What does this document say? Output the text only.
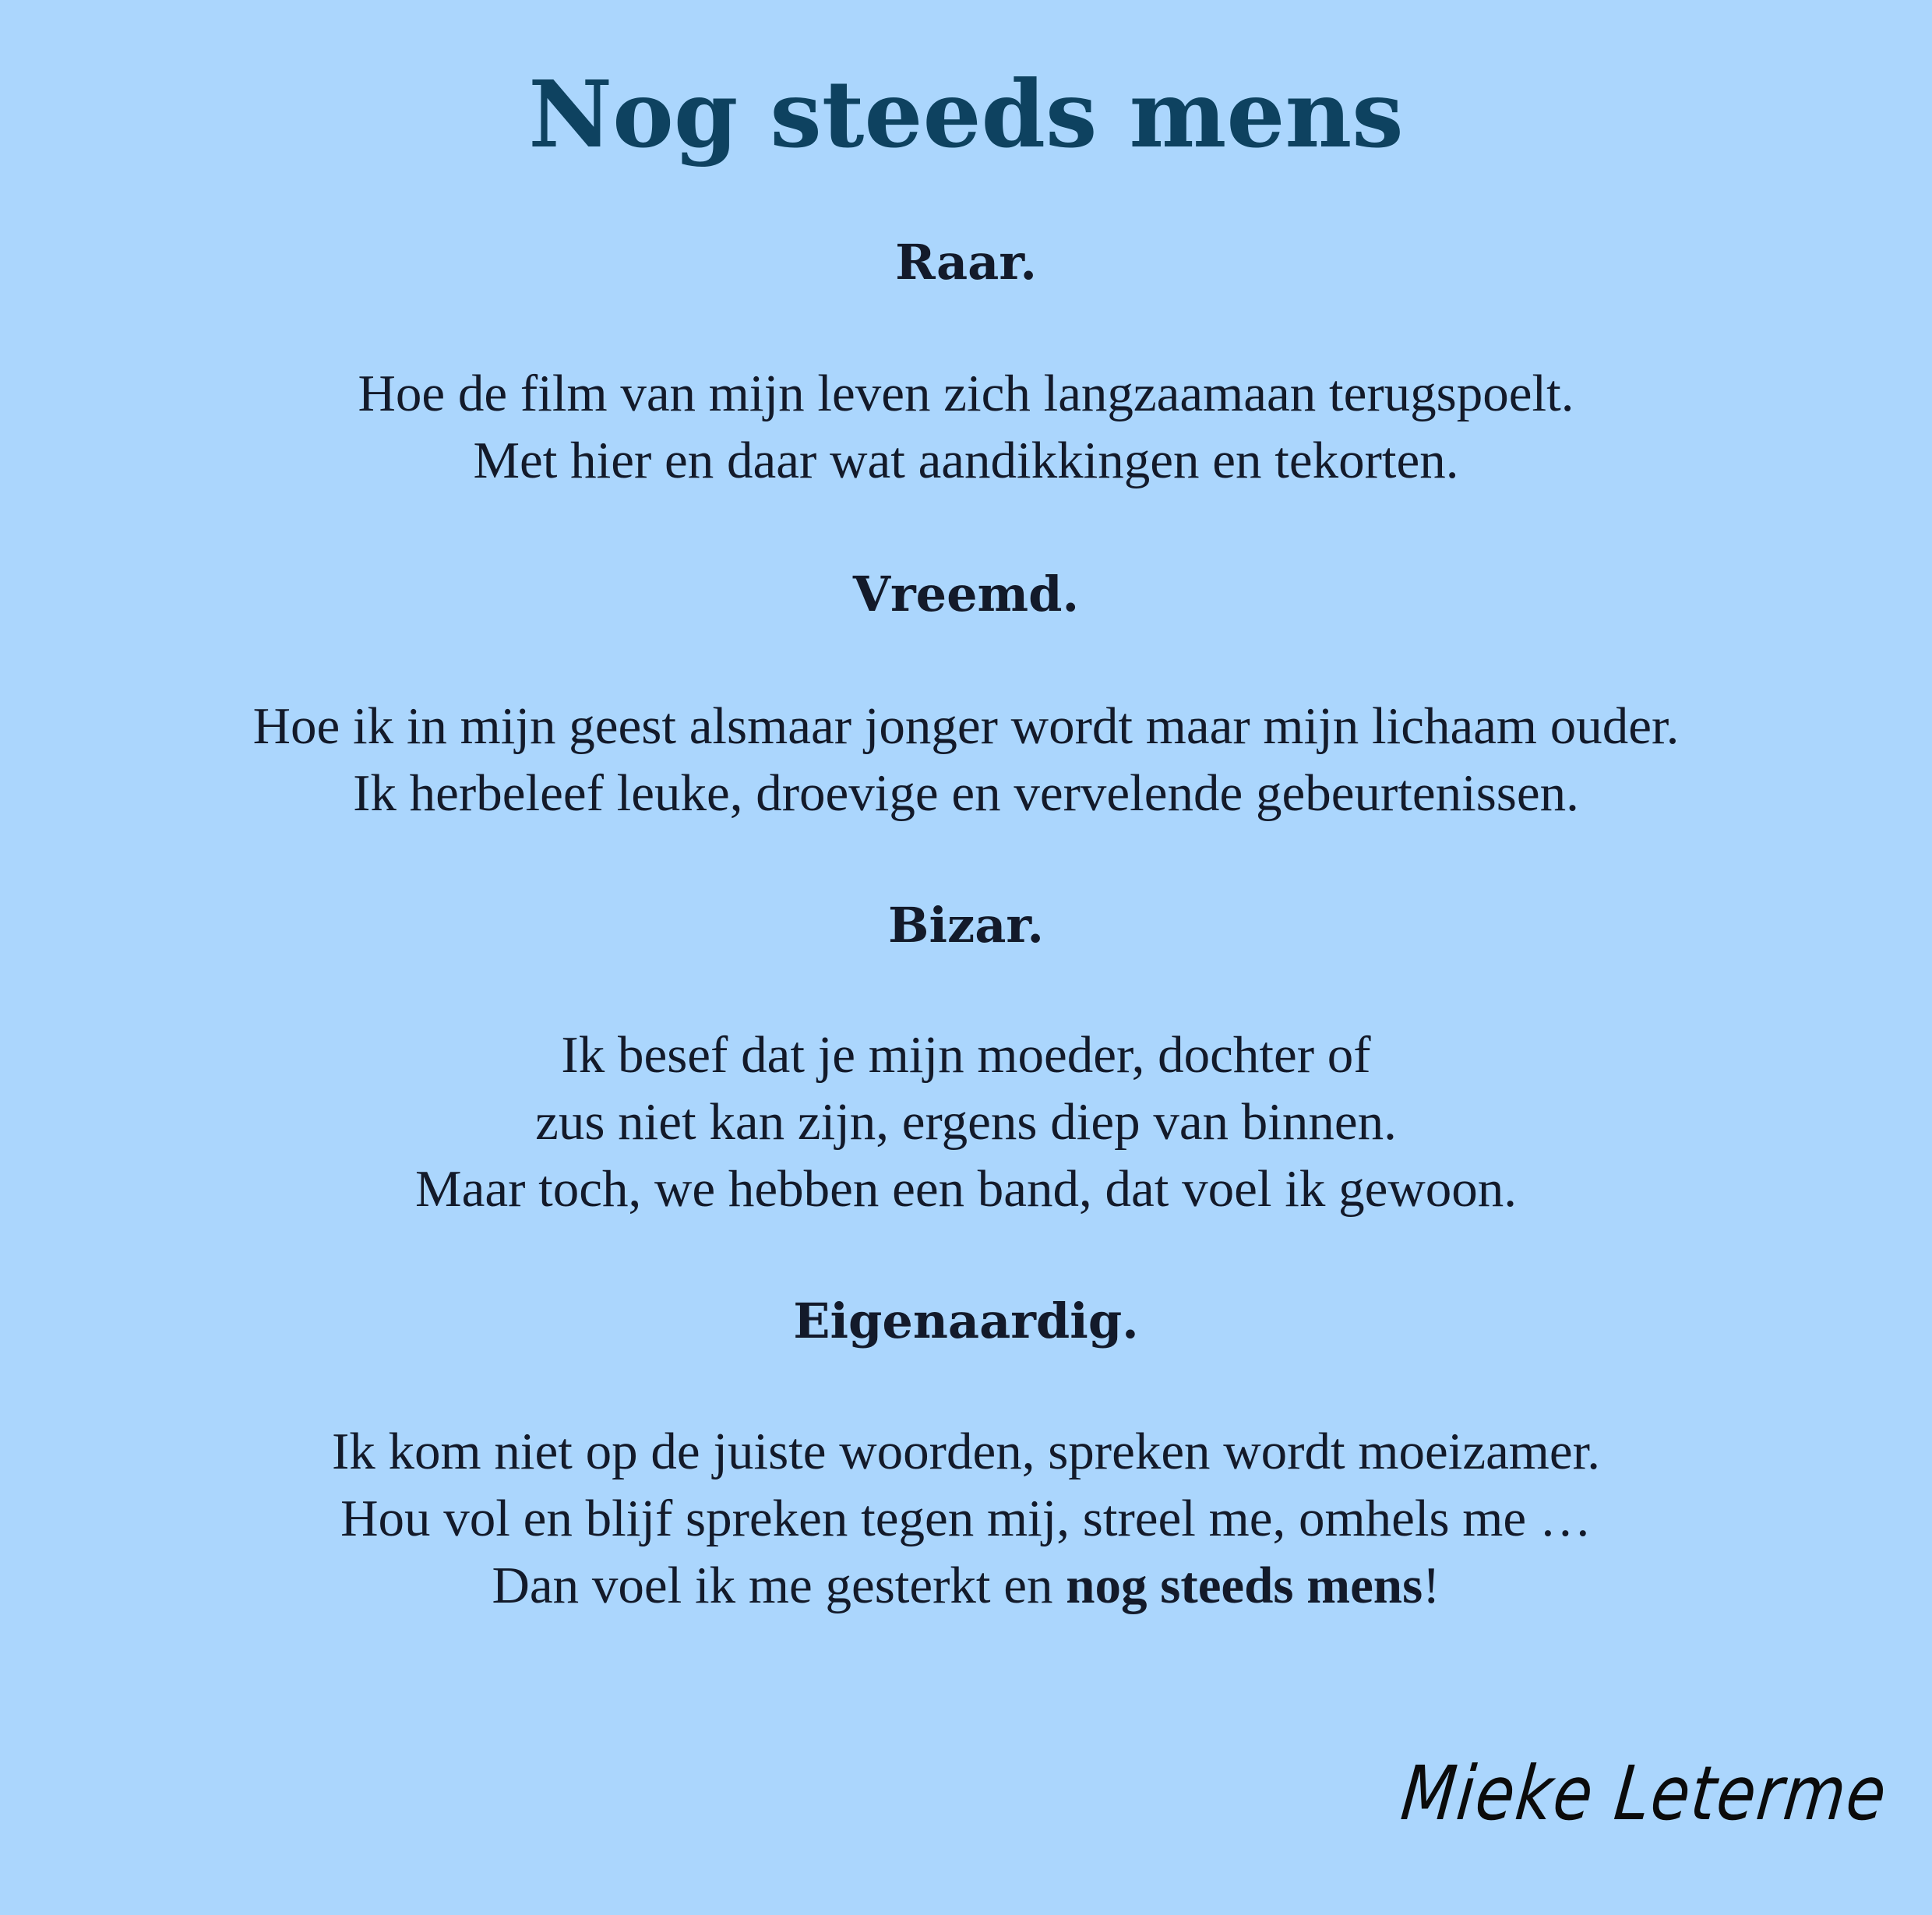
Nog steeds mens

Raar.

Hoe de film van mijn leven zich langzaamaan terugspoelt.

Met hier en daar wat aandikkingen en tekorten.

Vreemd.

Hoe ik in mijn geest alsmaar jonger wordt maar mijn lichaam ouder.

Ik herbeleef leuke, droevige en vervelende gebeurtenissen.

Bizar.

Ik besef dat je mijn moeder, dochter of

zus niet kan zijn, ergens diep van binnen.

Maar toch, we hebben een band, dat voel ik gewoon.

Eigenaardig.

Ik kom niet op de juiste woorden, spreken wordt moeizamer.

Hou vol en blijf spreken tegen mij, streel me, omhels me …

Dan voel ik me gesterkt en nog steeds mens!

Mieke Leterme
